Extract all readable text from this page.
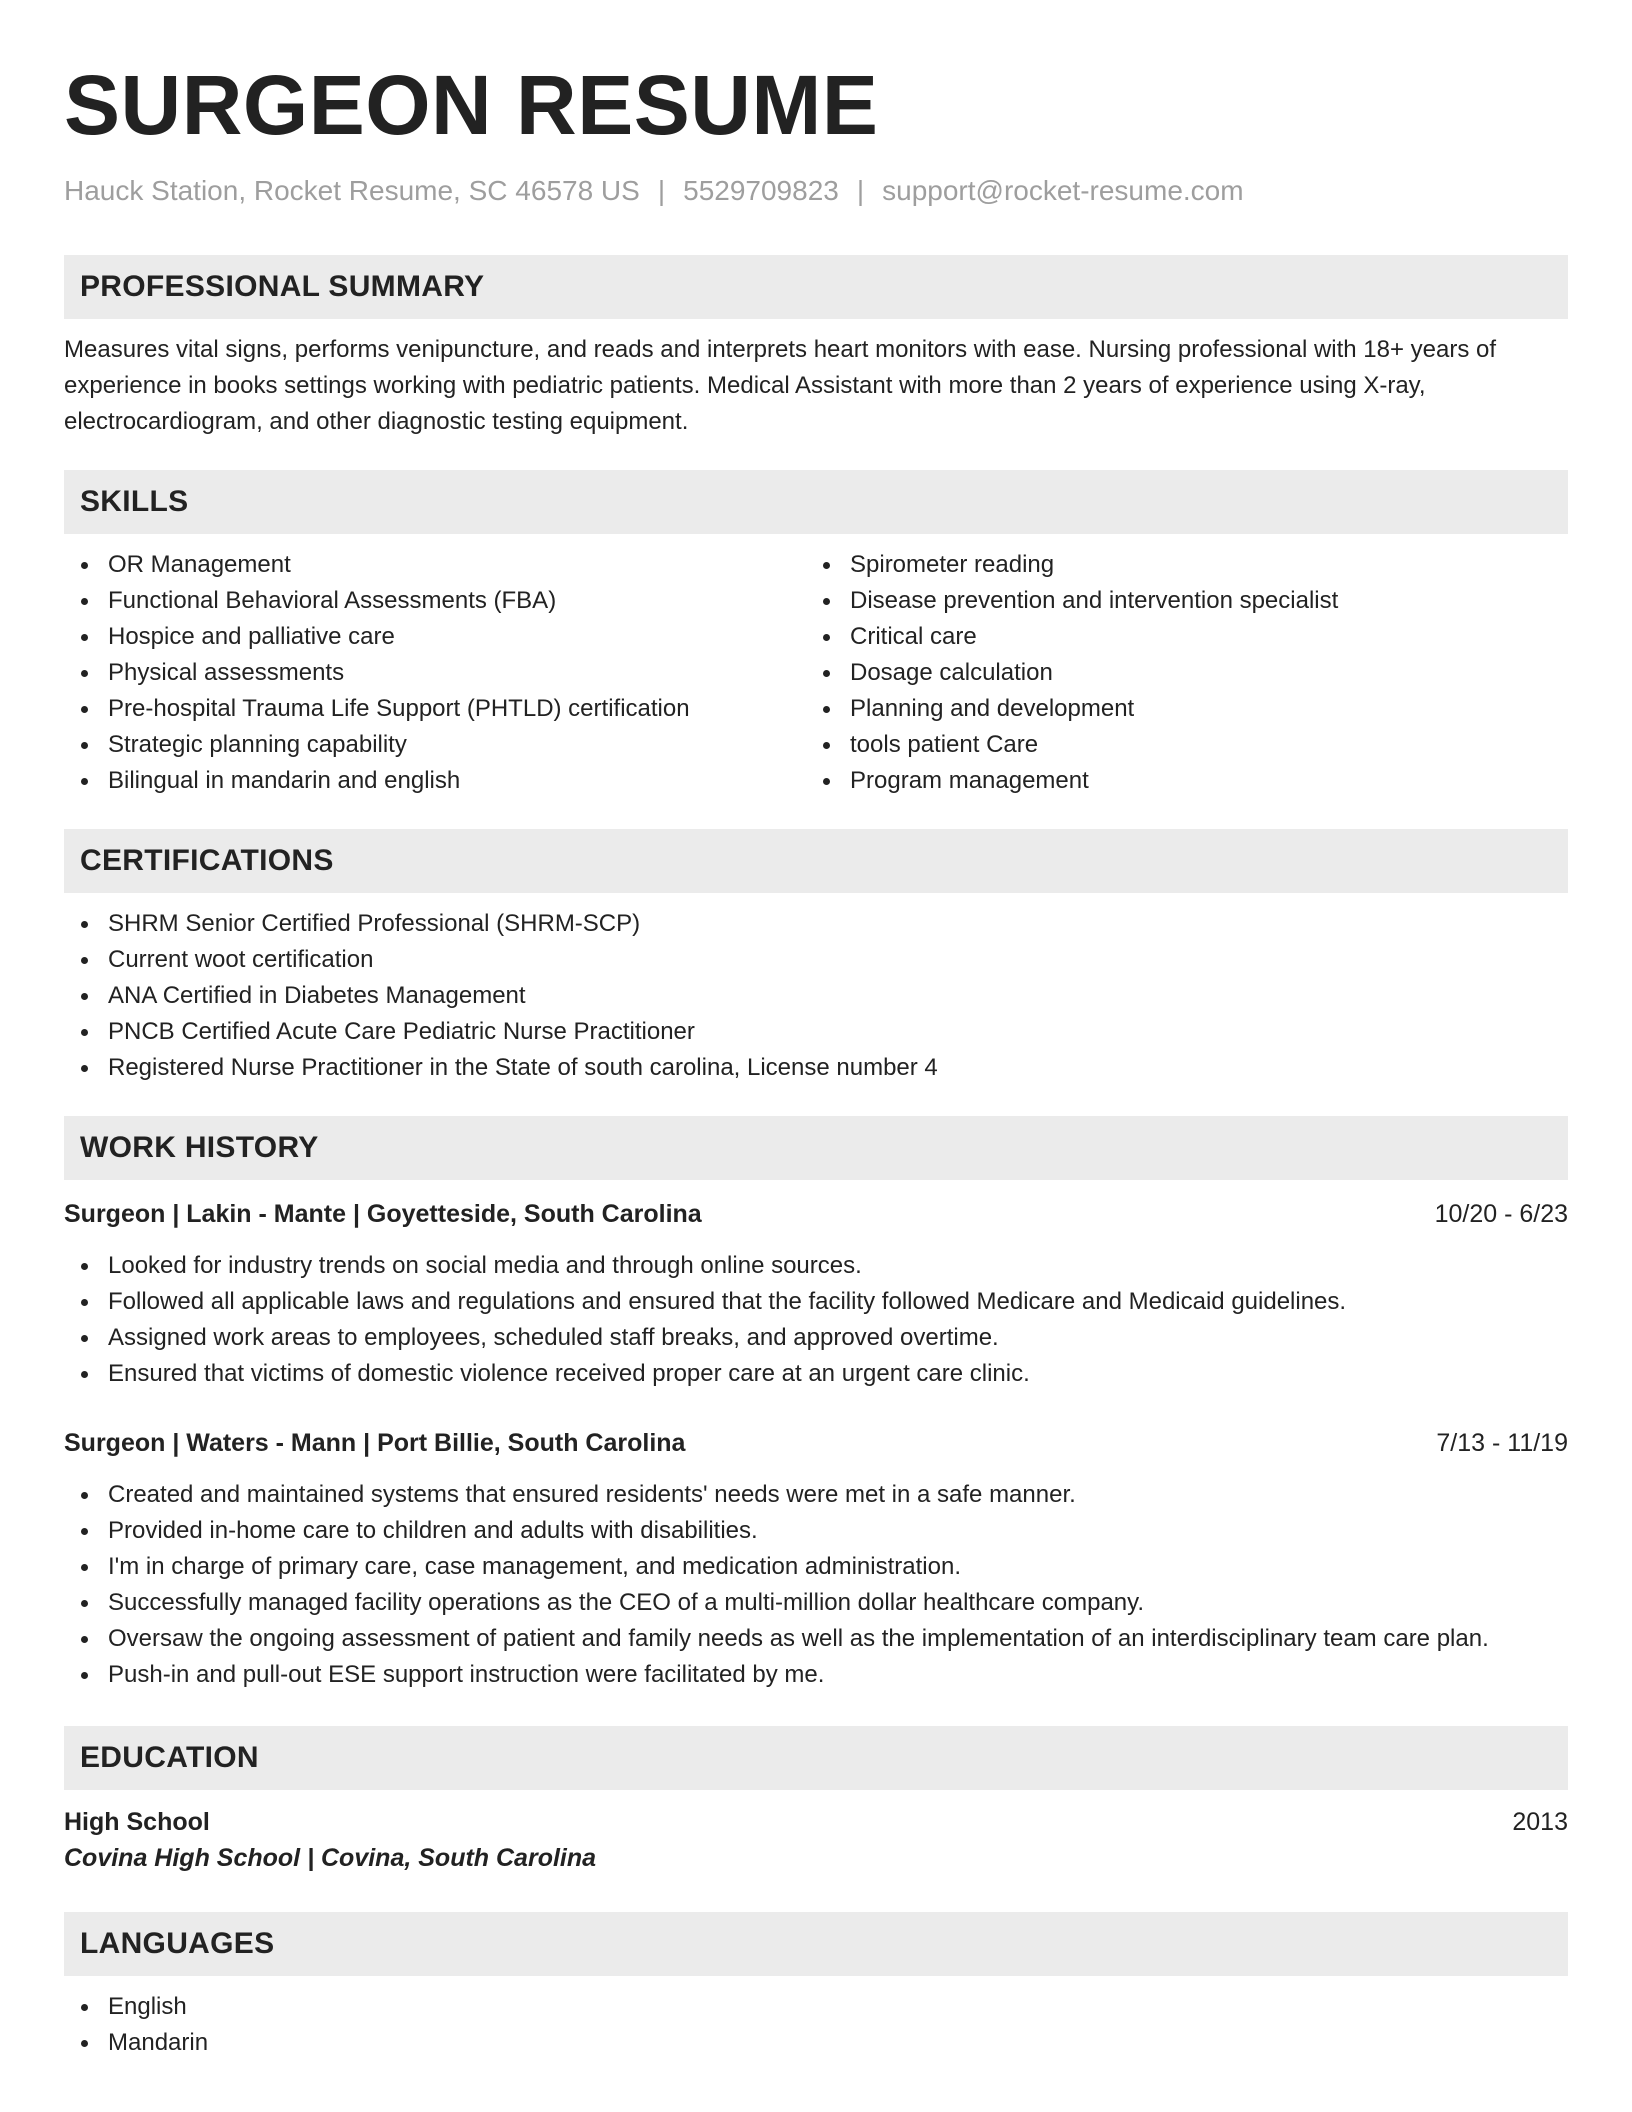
SURGEON RESUME
Hauck Station, Rocket Resume, SC 46578 US | 5529709823 | support@rocket-resume.com
PROFESSIONAL SUMMARY
Measures vital signs, performs venipuncture, and reads and interprets heart monitors with ease. Nursing professional with 18+ years of
experience in books settings working with pediatric patients. Medical Assistant with more than 2 years of experience using X-ray,
electrocardiogram, and other diagnostic testing equipment.
SKILLS
OR Management
Functional Behavioral Assessments (FBA)
Hospice and palliative care
Physical assessments
Pre-hospital Trauma Life Support (PHTLD) certification
Strategic planning capability
Bilingual in mandarin and english
Spirometer reading
Disease prevention and intervention specialist
Critical care
Dosage calculation
Planning and development
tools patient Care
Program management
CERTIFICATIONS
SHRM Senior Certified Professional (SHRM-SCP)
Current woot certification
ANA Certified in Diabetes Management
PNCB Certified Acute Care Pediatric Nurse Practitioner
Registered Nurse Practitioner in the State of south carolina, License number 4
WORK HISTORY
Surgeon | Lakin - Mante | Goyetteside, South Carolina	10/20 - 6/23
Looked for industry trends on social media and through online sources.
Followed all applicable laws and regulations and ensured that the facility followed Medicare and Medicaid guidelines.
Assigned work areas to employees, scheduled staff breaks, and approved overtime.
Ensured that victims of domestic violence received proper care at an urgent care clinic.
Surgeon | Waters - Mann | Port Billie, South Carolina	7/13 - 11/19
Created and maintained systems that ensured residents' needs were met in a safe manner.
Provided in-home care to children and adults with disabilities.
I'm in charge of primary care, case management, and medication administration.
Successfully managed facility operations as the CEO of a multi-million dollar healthcare company.
Oversaw the ongoing assessment of patient and family needs as well as the implementation of an interdisciplinary team care plan.
Push-in and pull-out ESE support instruction were facilitated by me.
EDUCATION
High School	2013
Covina High School | Covina, South Carolina
LANGUAGES
English
Mandarin
